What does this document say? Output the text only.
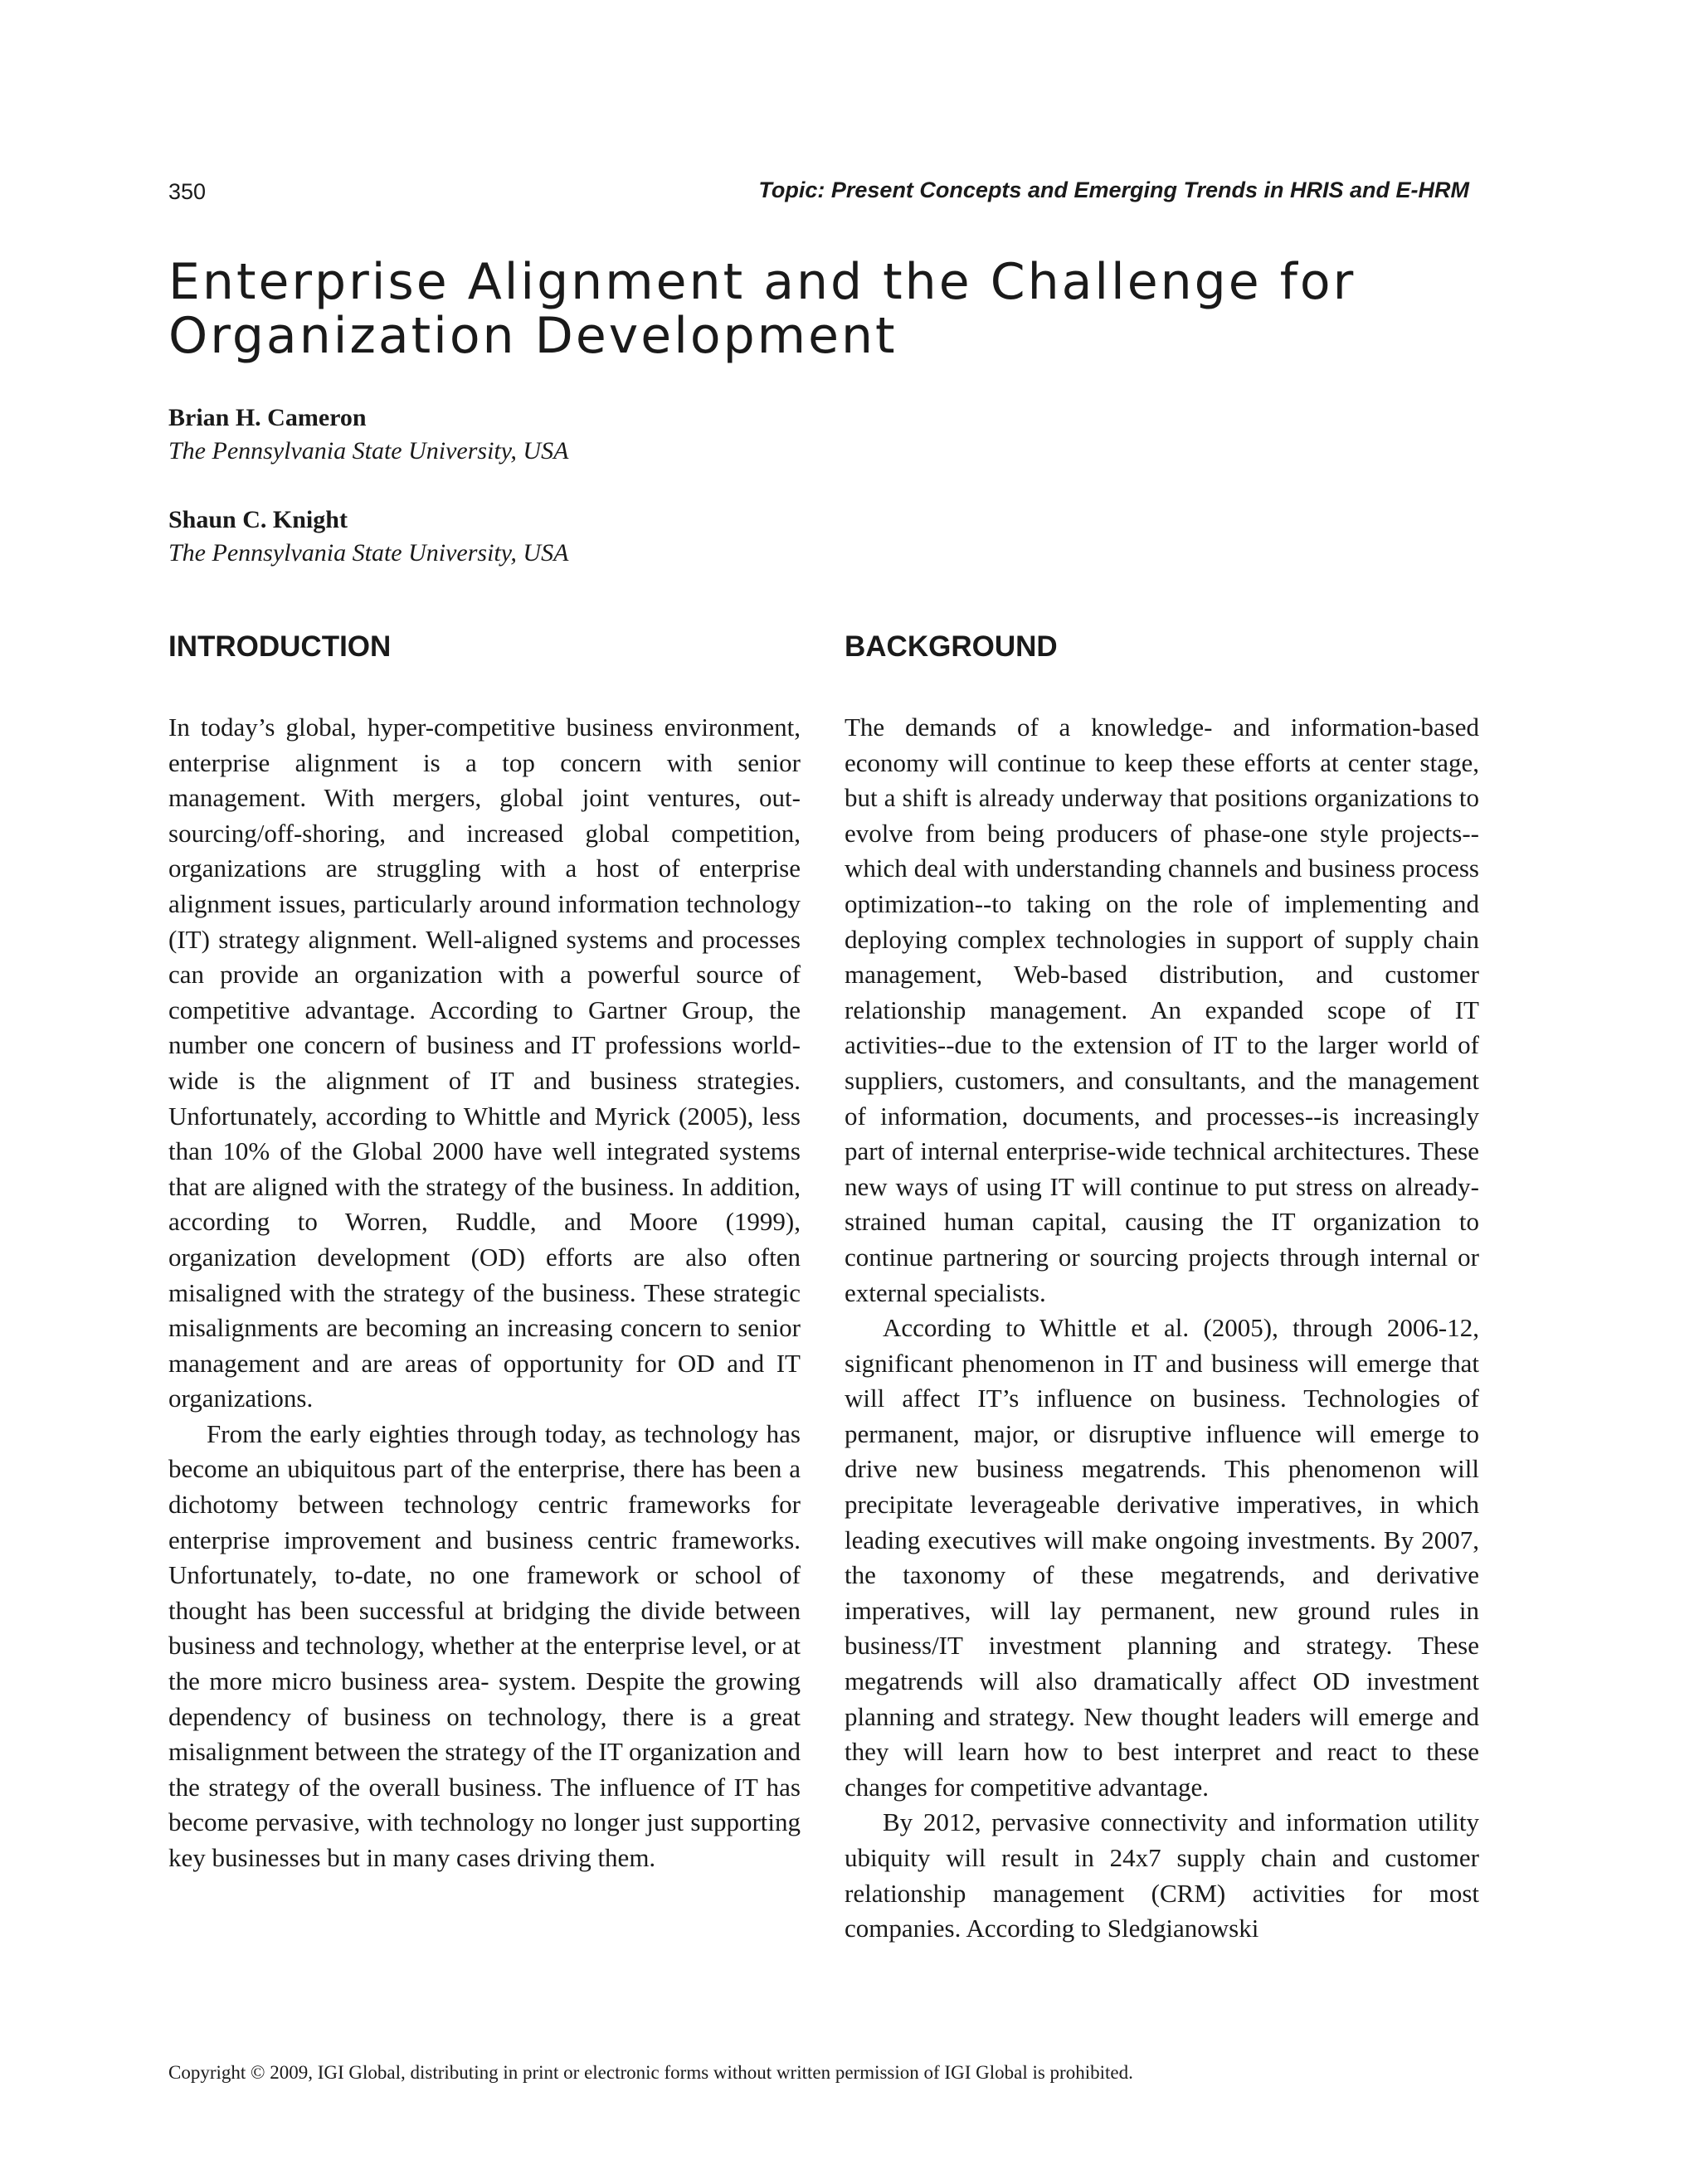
350	Topic: Present Concepts and Emerging Trends in HRIS and E-HRM
Enterprise Alignment and the Challenge for Organization Development
Brian H. Cameron
The Pennsylvania State University, USA
Shaun C. Knight
The Pennsylvania State University, USA
INTRODUCTION

In today’s global, hyper-competitive business environment, enterprise alignment is a top concern with senior management. With mergers, global joint ventures, outsourcing/off-shoring, and increased global competition, organizations are struggling with a host of enterprise alignment issues, particularly around information technology (IT) strategy alignment. Well-aligned systems and processes can provide an organization with a powerful source of competitive advantage. According to Gartner Group, the number one concern of business and IT professions world-wide is the alignment of IT and business strategies. Unfortunately, according to Whittle and Myrick (2005), less than 10% of the Global 2000 have well integrated systems that are aligned with the strategy of the business. In addition, according to Worren, Ruddle, and Moore (1999), organization development (OD) efforts are also often misaligned with the strategy of the business. These strategic misalignments are becoming an increasing concern to senior management and are areas of opportunity for OD and IT organizations.

From the early eighties through today, as technology has become an ubiquitous part of the enterprise, there has been a dichotomy between technology centric frameworks for enterprise improvement and business centric frameworks. Unfortunately, to-date, no one framework or school of thought has been successful at bridging the divide between business and technology, whether at the enterprise level, or at the more micro business area- system. Despite the growing dependency of business on technology, there is a great misalignment between the strategy of the IT organization and the strategy of the overall business. The influence of IT has become pervasive, with technology no longer just supporting key businesses but in many cases driving them.

BACKGROUND

The demands of a knowledge- and information-based economy will continue to keep these efforts at center stage, but a shift is already underway that positions organizations to evolve from being producers of phase-one style projects--which deal with understanding channels and business process optimization--to taking on the role of implementing and deploying complex technologies in support of supply chain management, Web-based distribution, and customer relationship management. An expanded scope of IT activities--due to the extension of IT to the larger world of suppliers, customers, and consultants, and the management of information, documents, and processes--is increasingly part of internal enterprise-wide technical architectures. These new ways of using IT will continue to put stress on already-strained human capital, causing the IT organization to continue partnering or sourcing projects through internal or external specialists.

According to Whittle et al. (2005), through 2006-12, significant phenomenon in IT and business will emerge that will affect IT’s influence on business. Technologies of permanent, major, or disruptive influence will emerge to drive new business megatrends. This phenomenon will precipitate leverageable derivative imperatives, in which leading executives will make ongoing investments. By 2007, the taxonomy of these megatrends, and derivative imperatives, will lay permanent, new ground rules in business/IT investment planning and strategy. These megatrends will also dramatically affect OD investment planning and strategy. New thought leaders will emerge and they will learn how to best interpret and react to these changes for competitive advantage.

By 2012, pervasive connectivity and information utility ubiquity will result in 24x7 supply chain and customer relationship management (CRM) activities for most companies. According to Sledgianowski

Copyright © 2009, IGI Global, distributing in print or electronic forms without written permission of IGI Global is prohibited.
